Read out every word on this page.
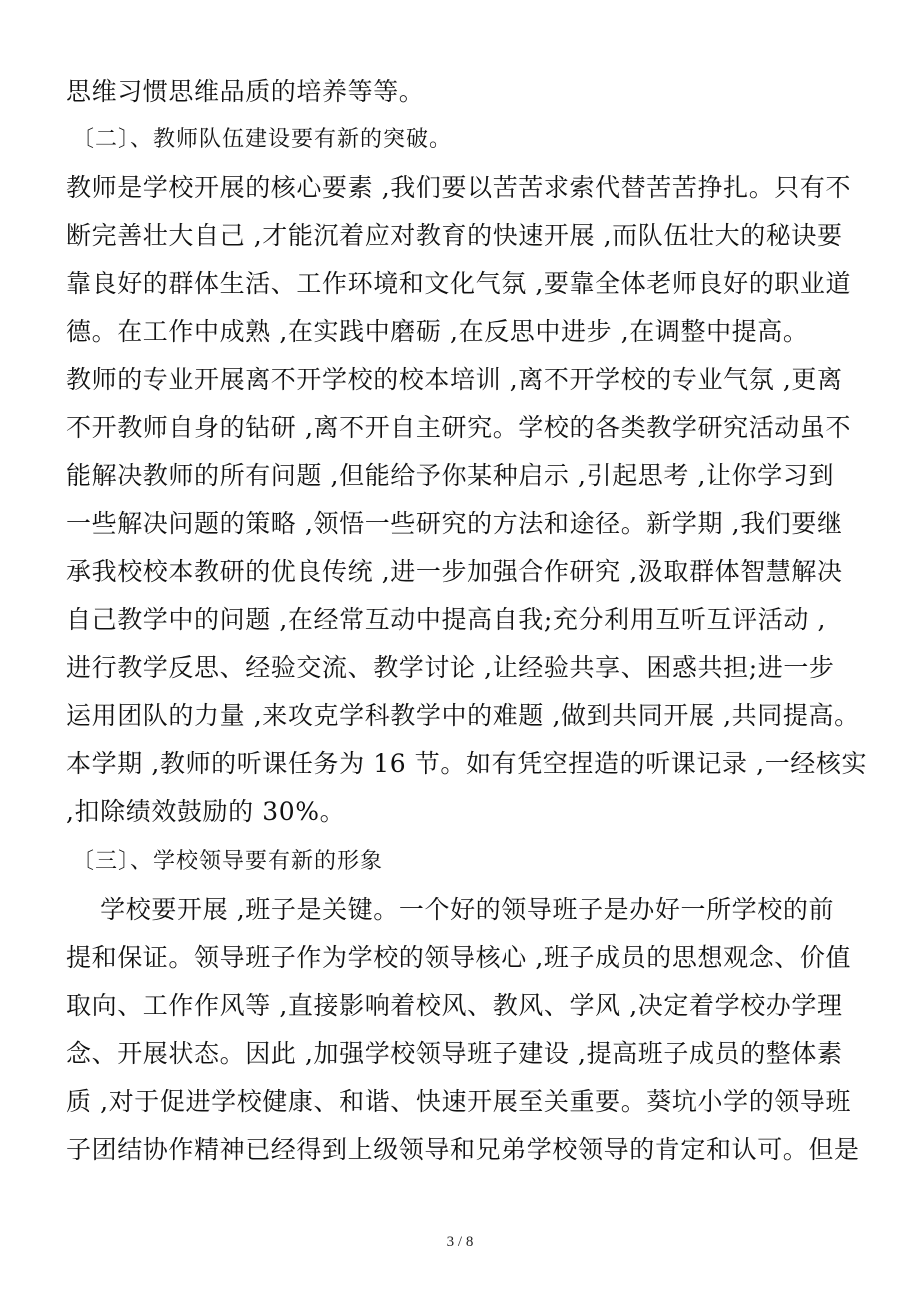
思维习惯思维品质的培养等等。
〔二〕、教师队伍建设要有新的突破。
教师是学校开展的核心要素 ,我们要以苦苦求索代替苦苦挣扎。只有不
断完善壮大自己 ,才能沉着应对教育的快速开展 ,而队伍壮大的秘诀要
靠良好的群体生活、工作环境和文化气氛 ,要靠全体老师良好的职业道
德。在工作中成熟 ,在实践中磨砺 ,在反思中进步 ,在调整中提高。
教师的专业开展离不开学校的校本培训 ,离不开学校的专业气氛 ,更离
不开教师自身的钻研 ,离不开自主研究。学校的各类教学研究活动虽不
能解决教师的所有问题 ,但能给予你某种启示 ,引起思考 ,让你学习到
一些解决问题的策略 ,领悟一些研究的方法和途径。新学期 ,我们要继
承我校校本教研的优良传统 ,进一步加强合作研究 ,汲取群体智慧解决
自己教学中的问题 ,在经常互动中提高自我;充分利用互听互评活动 ,
进行教学反思、经验交流、教学讨论 ,让经验共享、困惑共担;进一步
运用团队的力量 ,来攻克学科教学中的难题 ,做到共同开展 ,共同提高。
本学期 ,教师的听课任务为 16 节。如有凭空捏造的听课记录 ,一经核实
,扣除绩效鼓励的 30%。
〔三〕、学校领导要有新的形象
学校要开展 ,班子是关键。一个好的领导班子是办好一所学校的前
提和保证。领导班子作为学校的领导核心 ,班子成员的思想观念、价值
取向、工作作风等 ,直接影响着校风、教风、学风 ,决定着学校办学理
念、开展状态。因此 ,加强学校领导班子建设 ,提高班子成员的整体素
质 ,对于促进学校健康、和谐、快速开展至关重要。葵坑小学的领导班
子团结协作精神已经得到上级领导和兄弟学校领导的肯定和认可。但是
3 / 8
